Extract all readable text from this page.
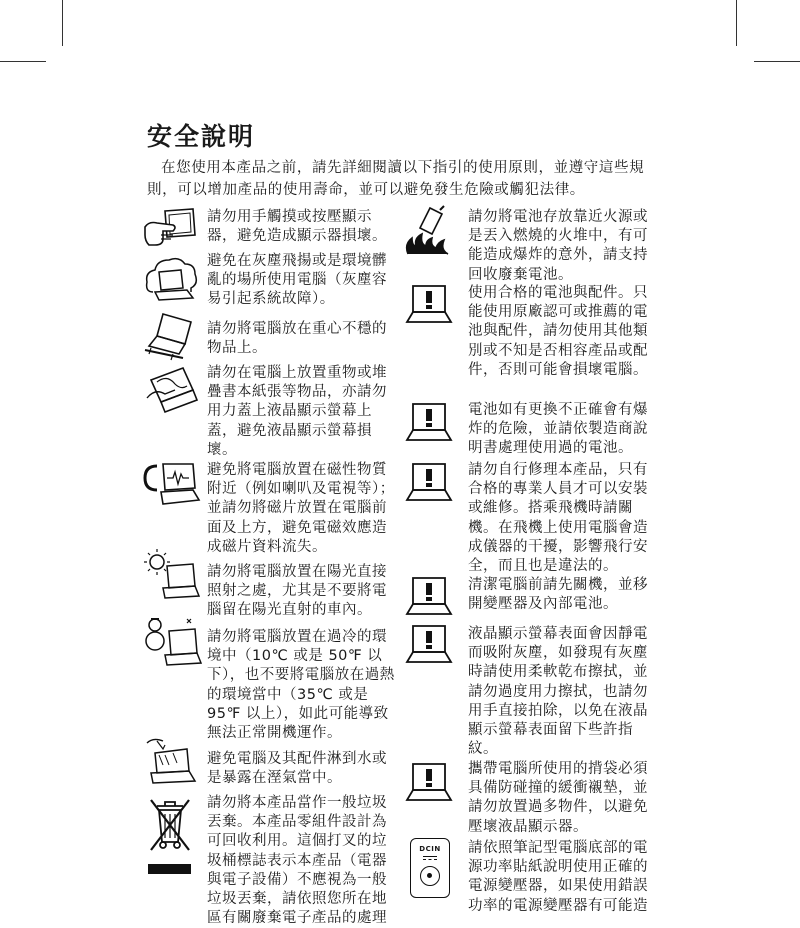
安全說明

在您使用本產品之前，請先詳細閱讀以下指引的使用原則，並遵守這些規則，可以增加產品的使用壽命，並可以避免發生危險或觸犯法律。

請勿用手觸摸或按壓顯示器，避免造成顯示器損壞。

避免在灰塵飛揚或是環境髒亂的場所使用電腦（灰塵容易引起系統故障）。

請勿將電腦放在重心不穩的物品上。

請勿在電腦上放置重物或堆疊書本紙張等物品，亦請勿用力蓋上液晶顯示螢幕上蓋，避免液晶顯示螢幕損壞。

避免將電腦放置在磁性物質附近（例如喇叭及電視等）；並請勿將磁片放置在電腦前面及上方，避免電磁效應造成磁片資料流失。

請勿將電腦放置在陽光直接照射之處，尤其是不要將電腦留在陽光直射的車內。

請勿將電腦放置在過冷的環境中（10℃ 或是 50℉ 以下），也不要將電腦放在過熱的環境當中（35℃ 或是 95℉ 以上），如此可能導致無法正常開機運作。

避免電腦及其配件淋到水或是暴露在溼氣當中。

請勿將本產品當作一般垃圾丟棄。本產品零組件設計為可回收利用。這個打叉的垃圾桶標誌表示本產品（電器與電子設備）不應視為一般垃圾丟棄，請依照您所在地區有關廢棄電子產品的處理

DCIN

請勿將電池存放靠近火源或是丟入燃燒的火堆中，有可能造成爆炸的意外，請支持回收廢棄電池。

使用合格的電池與配件。只能使用原廠認可或推薦的電池與配件，請勿使用其他類別或不知是否相容產品或配件，否則可能會損壞電腦。

電池如有更換不正確會有爆炸的危險，並請依製造商說明書處理使用過的電池。

請勿自行修理本產品，只有合格的專業人員才可以安裝或維修。搭乘飛機時請關機。在飛機上使用電腦會造成儀器的干擾，影響飛行安全，而且也是違法的。

清潔電腦前請先關機，並移開變壓器及內部電池。

液晶顯示螢幕表面會因靜電而吸附灰塵，如發現有灰塵時請使用柔軟乾布擦拭，並請勿過度用力擦拭，也請勿用手直接拍除，以免在液晶顯示螢幕表面留下些許指紋。

攜帶電腦所使用的揹袋必須具備防碰撞的緩衝襯墊，並請勿放置過多物件，以避免壓壞液晶顯示器。

請依照筆記型電腦底部的電源功率貼紙說明使用正確的電源變壓器，如果使用錯誤功率的電源變壓器有可能造
